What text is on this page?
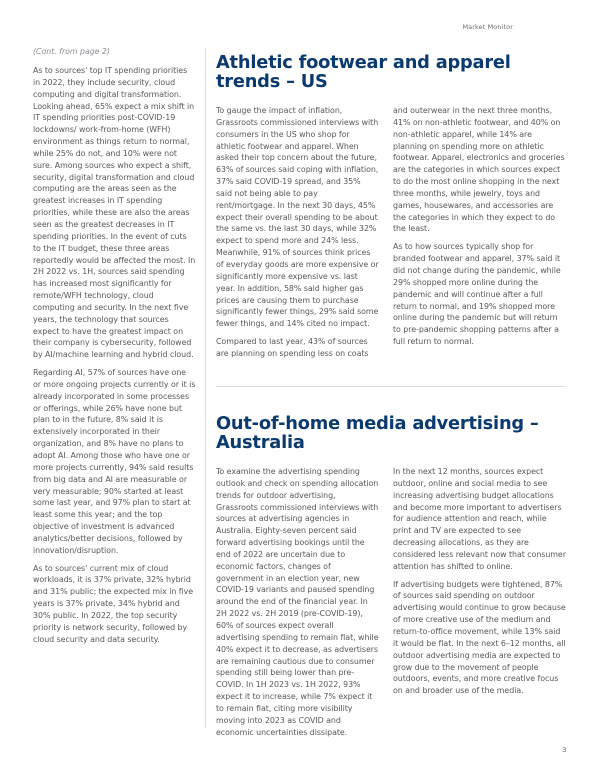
Market Monitor
(Cont. from page 2)

As to sources' top IT spending priorities in 2022, they include security, cloud computing and digital transformation. Looking ahead, 65% expect a mix shift in IT spending priorities post-COVID-19 lockdowns/ work-from-home (WFH) environment as things return to normal, while 25% do not, and 10% were not sure. Among sources who expect a shift, security, digital transformation and cloud computing are the areas seen as the greatest increases in IT spending priorities, while these are also the areas seen as the greatest decreases in IT spending priorities. In the event of cuts to the IT budget, these three areas reportedly would be affected the most. In 2H 2022 vs. 1H, sources said spending has increased most significantly for remote/WFH technology, cloud computing and security. In the next five years, the technology that sources expect to have the greatest impact on their company is cybersecurity, followed by AI/machine learning and hybrid cloud.

Regarding AI, 57% of sources have one or more ongoing projects currently or it is already incorporated in some processes or offerings, while 26% have none but plan to in the future, 8% said it is extensively incorporated in their organization, and 8% have no plans to adopt AI. Among those who have one or more projects currently, 94% said results from big data and AI are measurable or very measurable; 90% started at least some last year, and 97% plan to start at least some this year; and the top objective of investment is advanced analytics/better decisions, followed by innovation/disruption.

As to sources' current mix of cloud workloads, it is 37% private, 32% hybrid and 31% public; the expected mix in five years is 37% private, 34% hybrid and 30% public. In 2022, the top security priority is network security, followed by cloud security and data security.

Athletic footwear and apparel trends – US

To gauge the impact of inflation, Grassroots commissioned interviews with consumers in the US who shop for athletic footwear and apparel. When asked their top concern about the future, 63% of sources said coping with inflation, 37% said COVID-19 spread, and 35% said not being able to pay rent/mortgage. In the next 30 days, 45% expect their overall spending to be about the same vs. the last 30 days, while 32% expect to spend more and 24% less. Meanwhile, 91% of sources think prices of everyday goods are more expensive or significantly more expensive vs. last year. In addition, 58% said higher gas prices are causing them to purchase significantly fewer things, 29% said some fewer things, and 14% cited no impact.

Compared to last year, 43% of sources are planning on spending less on coats

and outerwear in the next three months, 41% on non-athletic footwear, and 40% on non-athletic apparel, while 14% are planning on spending more on athletic footwear. Apparel, electronics and groceries are the categories in which sources expect to do the most online shopping in the next three months, while jewelry, toys and games, housewares, and accessories are the categories in which they expect to do the least.

As to how sources typically shop for branded footwear and apparel, 37% said it did not change during the pandemic, while 29% shopped more online during the pandemic and will continue after a full return to normal, and 19% shopped more online during the pandemic but will return to pre-pandemic shopping patterns after a full return to normal.

Out-of-home media advertising – Australia

To examine the advertising spending outlook and check on spending allocation trends for outdoor advertising, Grassroots commissioned interviews with sources at advertising agencies in Australia. Eighty-seven percent said forward advertising bookings until the end of 2022 are uncertain due to economic factors, changes of government in an election year, new COVID-19 variants and paused spending around the end of the financial year. In 2H 2022 vs. 2H 2019 (pre-COVID-19), 60% of sources expect overall advertising spending to remain flat, while 40% expect it to decrease, as advertisers are remaining cautious due to consumer spending still being lower than pre-COVID. In 1H 2023 vs. 1H 2022, 93% expect it to increase, while 7% expect it to remain flat, citing more visibility moving into 2023 as COVID and economic uncertainties dissipate.

In the next 12 months, sources expect outdoor, online and social media to see increasing advertising budget allocations and become more important to advertisers for audience attention and reach, while print and TV are expected to see decreasing allocations, as they are considered less relevant now that consumer attention has shifted to online.

If advertising budgets were tightened, 87% of sources said spending on outdoor advertising would continue to grow because of more creative use of the medium and return-to-office movement, while 13% said it would be flat. In the next 6–12 months, all outdoor advertising media are expected to grow due to the movement of people outdoors, events, and more creative focus on and broader use of the media.

3
